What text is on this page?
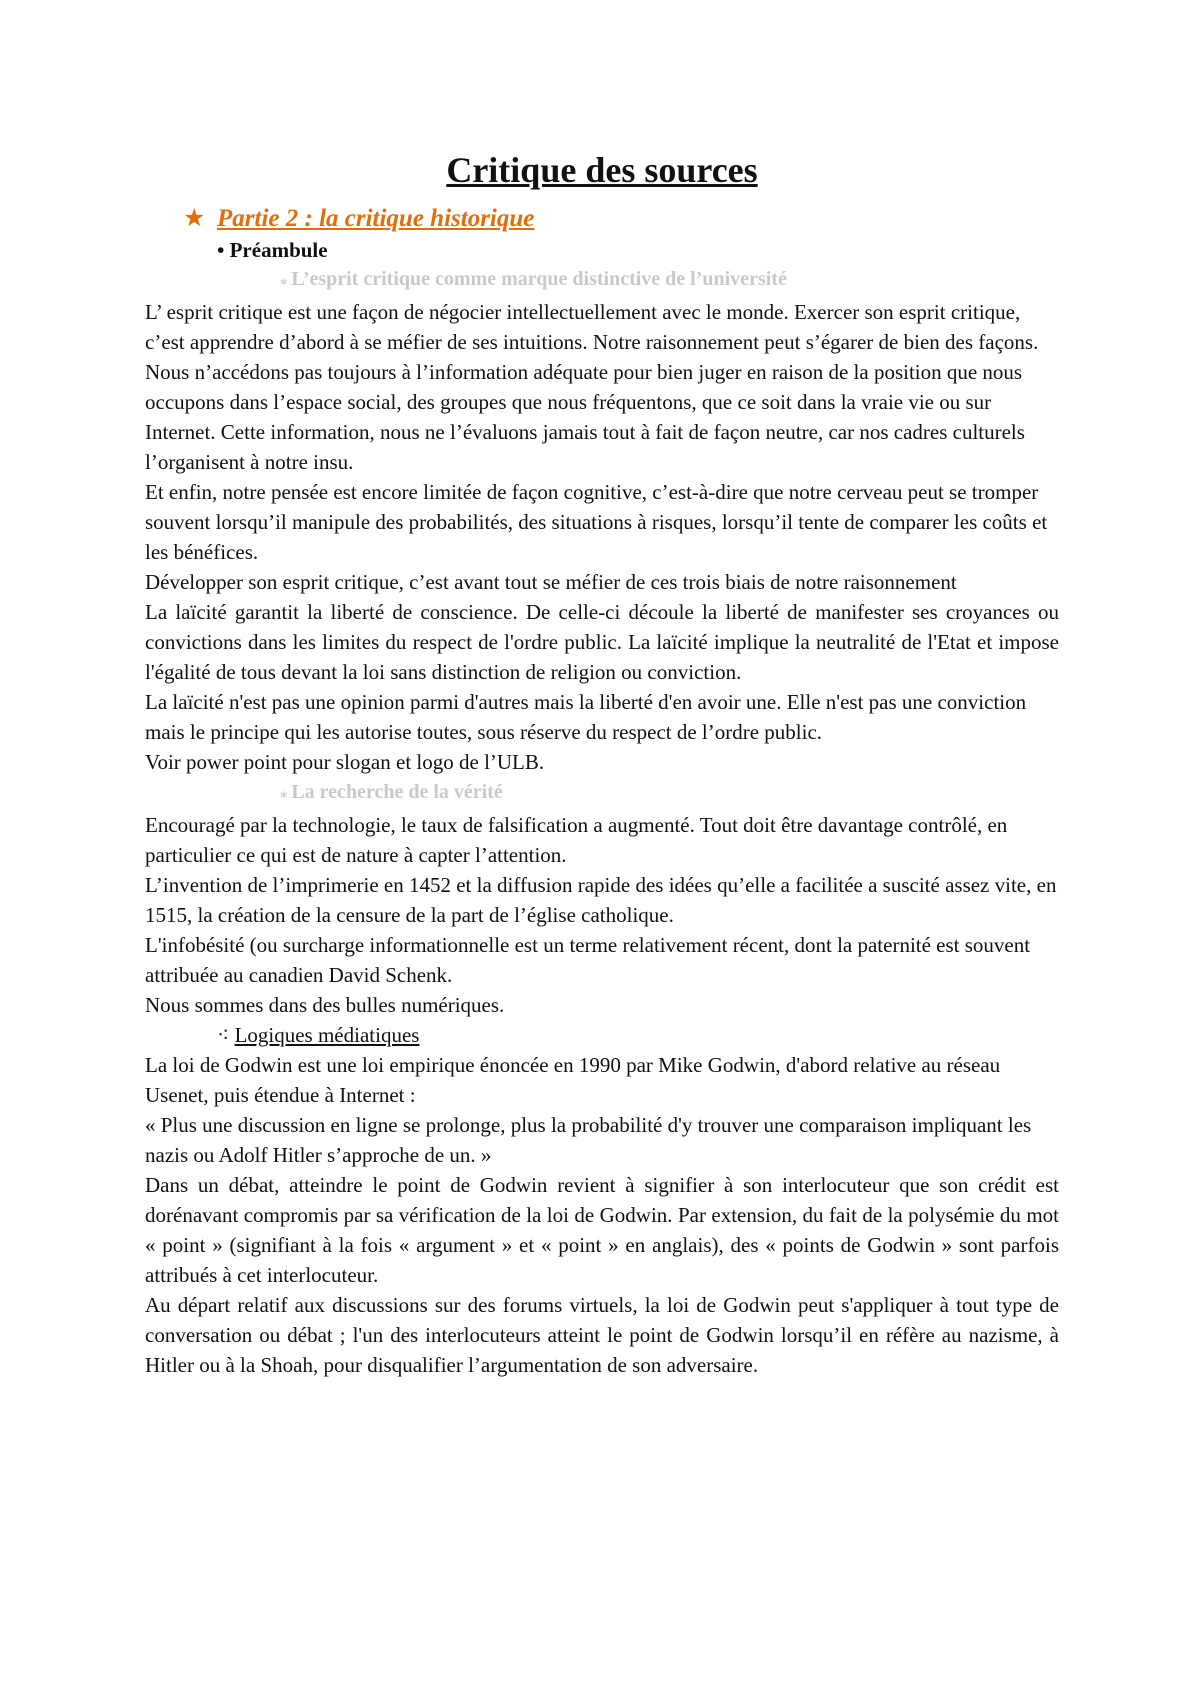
Critique des sources
★ Partie 2 : la critique historique
• Préambule
⁎ L’esprit critique comme marque distinctive de l’université

L’ esprit critique est une façon de négocier intellectuellement avec le monde. Exercer son esprit critique, c’est apprendre d’abord à se méfier de ses intuitions. Notre raisonnement peut s’égarer de bien des façons.

Nous n’accédons pas toujours à l’information adéquate pour bien juger en raison de la position que nous occupons dans l’espace social, des groupes que nous fréquentons, que ce soit dans la vraie vie ou sur Internet. Cette information, nous ne l’évaluons jamais tout à fait de façon neutre, car nos cadres culturels l’organisent à notre insu.

Et enfin, notre pensée est encore limitée de façon cognitive, c’est-à-dire que notre cerveau peut se tromper souvent lorsqu’il manipule des probabilités, des situations à risques, lorsqu’il tente de comparer les coûts et les bénéfices.

Développer son esprit critique, c’est avant tout se méfier de ces trois biais de notre raisonnement

La laïcité garantit la liberté de conscience. De celle-ci découle la liberté de manifester ses croyances ou convictions dans les limites du respect de l'ordre public. La laïcité implique la neutralité de l'Etat et impose l'égalité de tous devant la loi sans distinction de religion ou conviction.

La laïcité n'est pas une opinion parmi d'autres mais la liberté d'en avoir une. Elle n'est pas une conviction mais le principe qui les autorise toutes, sous réserve du respect de l’ordre public.

Voir power point pour slogan et logo de l’ULB.

⁎ La recherche de la vérité

Encouragé par la technologie, le taux de falsification a augmenté. Tout doit être davantage contrôlé, en particulier ce qui est de nature à capter l’attention.

L’invention de l’imprimerie en 1452 et la diffusion rapide des idées qu’elle a facilitée a suscité assez vite, en 1515, la création de la censure de la part de l’église catholique.

L'infobésité (ou surcharge informationnelle est un terme relativement récent, dont la paternité est souvent attribuée au canadien David Schenk.

Nous sommes dans des bulles numériques.

⁖ Logiques médiatiques

La loi de Godwin est une loi empirique énoncée en 1990 par Mike Godwin, d'abord relative au réseau Usenet, puis étendue à Internet :

« Plus une discussion en ligne se prolonge, plus la probabilité d'y trouver une comparaison impliquant les nazis ou Adolf Hitler s’approche de un. »

Dans un débat, atteindre le point de Godwin revient à signifier à son interlocuteur que son crédit est dorénavant compromis par sa vérification de la loi de Godwin. Par extension, du fait de la polysémie du mot « point » (signifiant à la fois « argument » et « point » en anglais), des « points de Godwin » sont parfois attribués à cet interlocuteur.

Au départ relatif aux discussions sur des forums virtuels, la loi de Godwin peut s'appliquer à tout type de conversation ou débat ; l'un des interlocuteurs atteint le point de Godwin lorsqu’il en réfère au nazisme, à Hitler ou à la Shoah, pour disqualifier l’argumentation de son adversaire.
